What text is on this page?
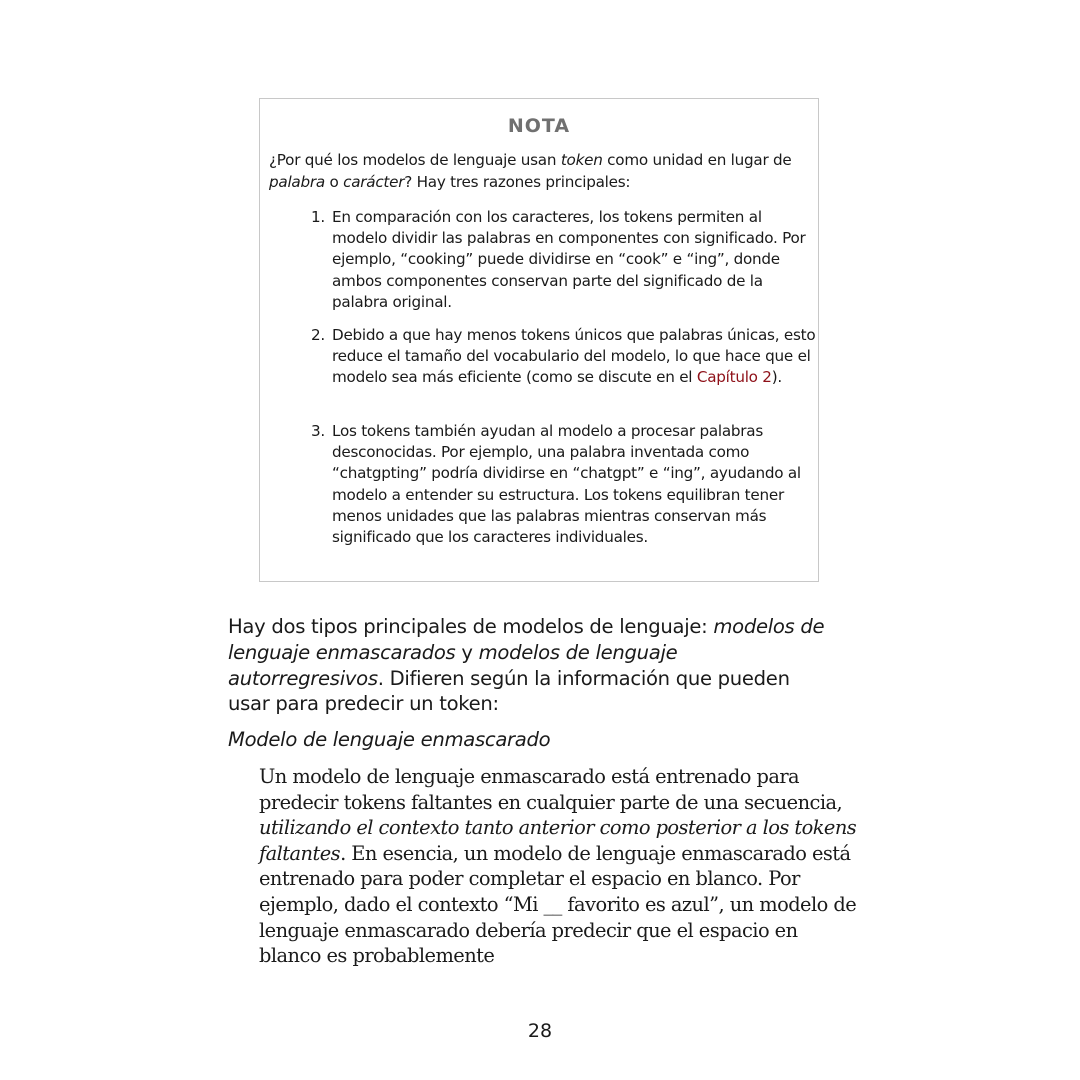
NOTA
¿Por qué los modelos de lenguaje usan token como unidad en lugar de palabra o carácter? Hay tres razones principales:
1. En comparación con los caracteres, los tokens permiten al modelo dividir las palabras en componentes con significado. Por ejemplo, “cooking” puede dividirse en “cook” e “ing”, donde ambos componentes conservan parte del significado de la palabra original.
2. Debido a que hay menos tokens únicos que palabras únicas, esto reduce el tamaño del vocabulario del modelo, lo que hace que el modelo sea más eficiente (como se discute en el Capítulo 2).
3. Los tokens también ayudan al modelo a procesar palabras desconocidas. Por ejemplo, una palabra inventada como “chatgpting” podría dividirse en “chatgpt” e “ing”, ayudando al modelo a entender su estructura. Los tokens equilibran tener menos unidades que las palabras mientras conservan más significado que los caracteres individuales.
Hay dos tipos principales de modelos de lenguaje: modelos de lenguaje enmascarados y modelos de lenguaje autorregresivos. Difieren según la información que pueden usar para predecir un token:
Modelo de lenguaje enmascarado
Un modelo de lenguaje enmascarado está entrenado para predecir tokens faltantes en cualquier parte de una secuencia, utilizando el contexto tanto anterior como posterior a los tokens faltantes. En esencia, un modelo de lenguaje enmascarado está entrenado para poder completar el espacio en blanco. Por ejemplo, dado el contexto “Mi __ favorito es azul”, un modelo de lenguaje enmascarado debería predecir que el espacio en blanco es probablemente
28
